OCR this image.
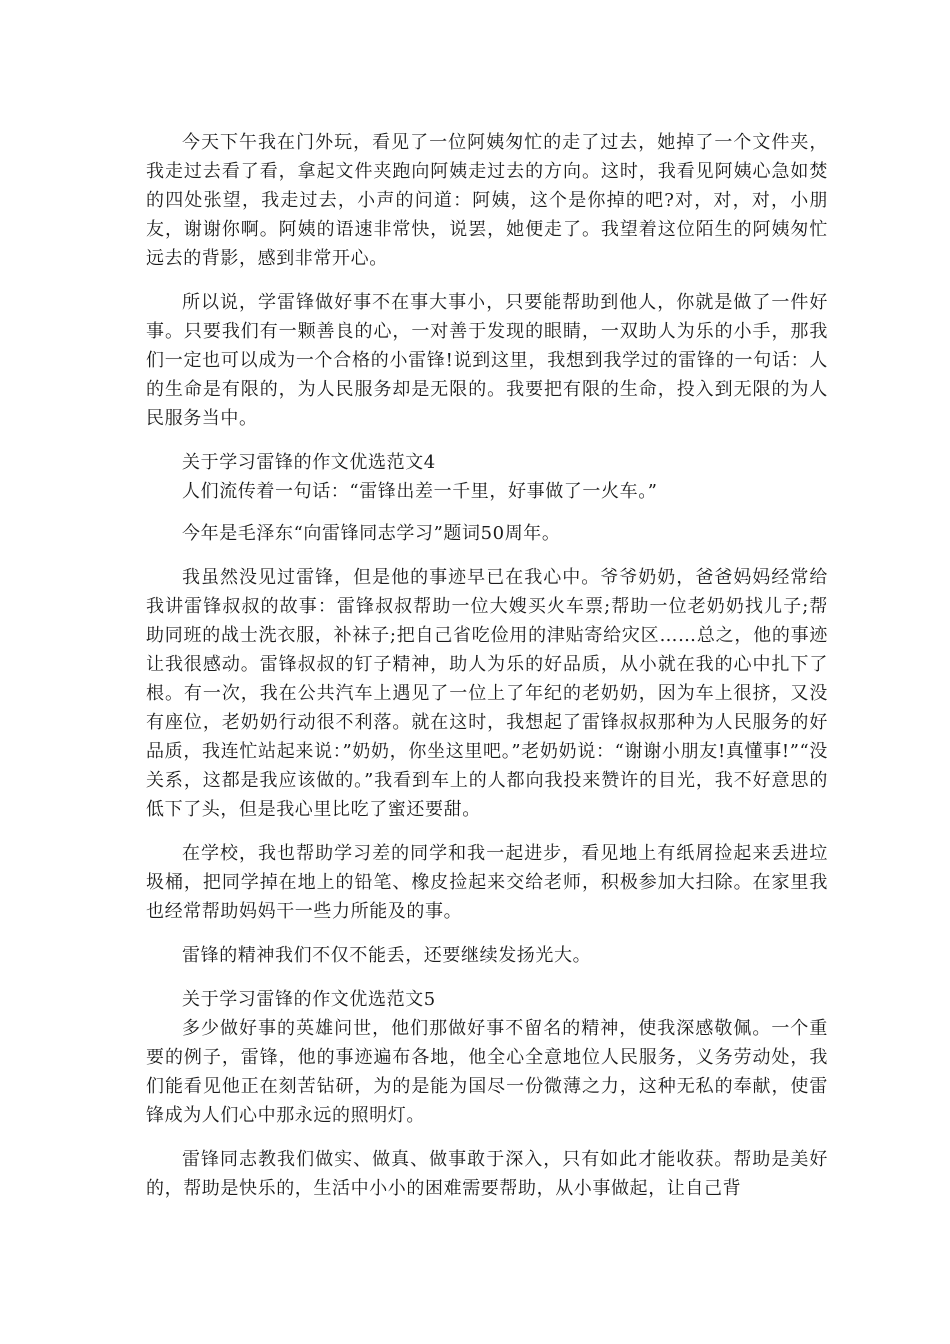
今天下午我在门外玩，看见了一位阿姨匆忙的走了过去，她掉了一个文件夹，我走过去看了看，拿起文件夹跑向阿姨走过去的方向。这时，我看见阿姨心急如焚的四处张望，我走过去，小声的问道：阿姨，这个是你掉的吧?对，对，对，小朋友，谢谢你啊。阿姨的语速非常快，说罢，她便走了。我望着这位陌生的阿姨匆忙远去的背影，感到非常开心。

所以说，学雷锋做好事不在事大事小，只要能帮助到他人，你就是做了一件好事。只要我们有一颗善良的心，一对善于发现的眼睛，一双助人为乐的小手，那我们一定也可以成为一个合格的小雷锋!说到这里，我想到我学过的雷锋的一句话：人的生命是有限的，为人民服务却是无限的。我要把有限的生命，投入到无限的为人民服务当中。

关于学习雷锋的作文优选范文4

人们流传着一句话：“雷锋出差一千里，好事做了一火车。”

今年是毛泽东“向雷锋同志学习”题词50周年。

我虽然没见过雷锋，但是他的事迹早已在我心中。爷爷奶奶，爸爸妈妈经常给我讲雷锋叔叔的故事：雷锋叔叔帮助一位大嫂买火车票;帮助一位老奶奶找儿子;帮助同班的战士洗衣服，补袜子;把自己省吃俭用的津贴寄给灾区……总之，他的事迹让我很感动。雷锋叔叔的钉子精神，助人为乐的好品质，从小就在我的心中扎下了根。有一次，我在公共汽车上遇见了一位上了年纪的老奶奶，因为车上很挤，又没有座位，老奶奶行动很不利落。就在这时，我想起了雷锋叔叔那种为人民服务的好品质，我连忙站起来说：”奶奶，你坐这里吧。”老奶奶说：“谢谢小朋友!真懂事!”“没关系，这都是我应该做的。”我看到车上的人都向我投来赞许的目光，我不好意思的低下了头，但是我心里比吃了蜜还要甜。

在学校，我也帮助学习差的同学和我一起进步，看见地上有纸屑捡起来丢进垃圾桶，把同学掉在地上的铅笔、橡皮捡起来交给老师，积极参加大扫除。在家里我也经常帮助妈妈干一些力所能及的事。

雷锋的精神我们不仅不能丢，还要继续发扬光大。

关于学习雷锋的作文优选范文5

多少做好事的英雄问世，他们那做好事不留名的精神，使我深感敬佩。一个重要的例子，雷锋，他的事迹遍布各地，他全心全意地位人民服务，义务劳动处，我们能看见他正在刻苦钻研，为的是能为国尽一份微薄之力，这种无私的奉献，使雷锋成为人们心中那永远的照明灯。

雷锋同志教我们做实、做真、做事敢于深入，只有如此才能收获。帮助是美好的，帮助是快乐的，生活中小小的困难需要帮助，从小事做起，让自己背
